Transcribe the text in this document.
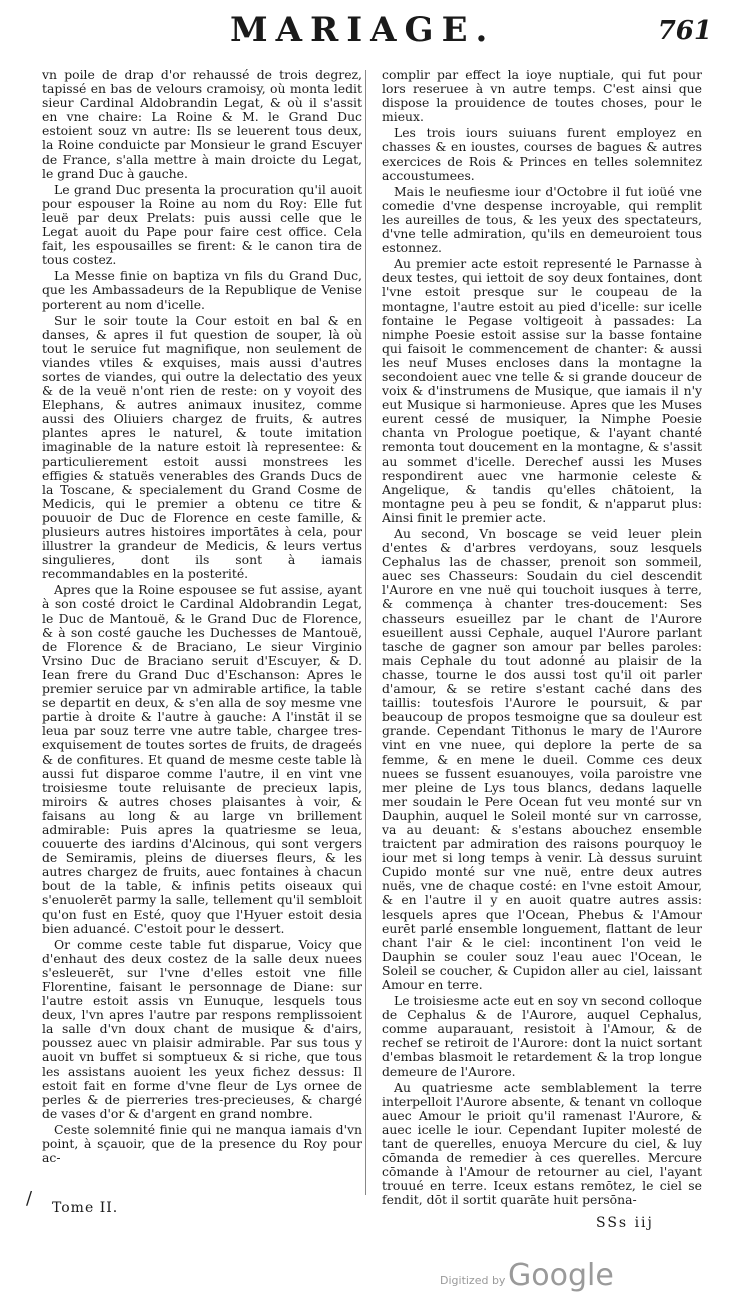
MARIAGE.	761

vn poile de drap d'or rehaussé de trois degrez, tapissé en bas de velours cramoisy, où monta ledit sieur Cardinal Aldobrandin Legat, & où il s'assit en vne chaire: La Roine & M. le Grand Duc estoient souz vn autre: Ils se leuerent tous deux, la Roine conduicte par Monsieur le grand Escuyer de France, s'alla mettre à main droicte du Legat, le grand Duc à gauche.

Le grand Duc presenta la procuration qu'il auoit pour espouser la Roine au nom du Roy: Elle fut leuë par deux Prelats: puis aussi celle que le Legat auoit du Pape pour faire cest office. Cela fait, les espousailles se firent: & le canon tira de tous costez.

La Messe finie on baptiza vn fils du Grand Duc, que les Ambassadeurs de la Republique de Venise porterent au nom d'icelle.

Sur le soir toute la Cour estoit en bal & en danses, & apres il fut question de souper, là où tout le seruice fut magnifique, non seulement de viandes vtiles & exquises, mais aussi d'autres sortes de viandes, qui outre la delectatio des yeux & de la veuë n'ont rien de reste: on y voyoit des Elephans, & autres animaux inusitez, comme aussi des Oliuiers chargez de fruits, & autres plantes apres le naturel, & toute imitation imaginable de la nature estoit là representee: & particulierement estoit aussi monstrees les effigies & statuës venerables des Grands Ducs de la Toscane, & specialement du Grand Cosme de Medicis, qui le premier a obtenu ce titre & pouuoir de Duc de Florence en ceste famille, & plusieurs autres histoires importātes à cela, pour illustrer la grandeur de Medicis, & leurs vertus singulieres, dont ils sont à iamais recommandables en la posterité.

Apres que la Roine espousee se fut assise, ayant à son costé droict le Cardinal Aldobrandin Legat, le Duc de Mantouë, & le Grand Duc de Florence, & à son costé gauche les Duchesses de Mantouë, de Florence & de Braciano, Le sieur Virginio Vrsino Duc de Braciano seruit d'Escuyer, & D. Iean frere du Grand Duc d'Eschanson: Apres le premier seruice par vn admirable artifice, la table se departit en deux, & s'en alla de soy mesme vne partie à droite & l'autre à gauche: A l'instāt il se leua par souz terre vne autre table, chargee tres-exquisement de toutes sortes de fruits, de drageés & de confitures. Et quand de mesme ceste table là aussi fut disparoe comme l'autre, il en vint vne troisiesme toute reluisante de precieux lapis, miroirs & autres choses plaisantes à voir, & faisans au long & au large vn brillement admirable: Puis apres la quatriesme se leua, couuerte des iardins d'Alcinous, qui sont vergers de Semiramis, pleins de diuerses fleurs, & les autres chargez de fruits, auec fontaines à chacun bout de la table, & infinis petits oiseaux qui s'enuolerēt parmy la salle, tellement qu'il sembloit qu'on fust en Esté, quoy que l'Hyuer estoit desia bien aduancé. C'estoit pour le dessert.

Or comme ceste table fut disparue, Voicy que d'enhaut des deux costez de la salle deux nuees s'esleuerēt, sur l'vne d'elles estoit vne fille Florentine, faisant le personnage de Diane: sur l'autre estoit assis vn Eunuque, lesquels tous deux, l'vn apres l'autre par respons remplissoient la salle d'vn doux chant de musique & d'airs, poussez auec vn plaisir admirable. Par sus tous y auoit vn buffet si somptueux & si riche, que tous les assistans auoient les yeux fichez dessus: Il estoit fait en forme d'vne fleur de Lys ornee de perles & de pierreries tres-precieuses, & chargé de vases d'or & d'argent en grand nombre.

Ceste solemnité finie qui ne manqua iamais d'vn point, à sçauoir, que de la presence du Roy pour ac-

complir par effect la ioye nuptiale, qui fut pour lors reseruee à vn autre temps. C'est ainsi que dispose la prouidence de toutes choses, pour le mieux.

Les trois iours suiuans furent employez en chasses & en ioustes, courses de bagues & autres exercices de Rois & Princes en telles solemnitez accoustumees.

Mais le neufiesme iour d'Octobre il fut ioüé vne comedie d'vne despense incroyable, qui remplit les aureilles de tous, & les yeux des spectateurs, d'vne telle admiration, qu'ils en demeuroient tous estonnez.

Au premier acte estoit representé le Parnasse à deux testes, qui iettoit de soy deux fontaines, dont l'vne estoit presque sur le coupeau de la montagne, l'autre estoit au pied d'icelle: sur icelle fontaine le Pegase voltigeoit à passades: La nimphe Poesie estoit assise sur la basse fontaine qui faisoit le commencement de chanter: & aussi les neuf Muses encloses dans la montagne la secondoient auec vne telle & si grande douceur de voix & d'instrumens de Musique, que iamais il n'y eut Musique si harmonieuse. Apres que les Muses eurent cessé de musiquer, la Nimphe Poesie chanta vn Prologue poetique, & l'ayant chanté remonta tout doucement en la montagne, & s'assit au sommet d'icelle. Derechef aussi les Muses respondirent auec vne harmonie celeste & Angelique, & tandis qu'elles chātoient, la montagne peu à peu se fondit, & n'apparut plus: Ainsi finit le premier acte.

Au second, Vn boscage se veid leuer plein d'entes & d'arbres verdoyans, souz lesquels Cephalus las de chasser, prenoit son sommeil, auec ses Chasseurs: Soudain du ciel descendit l'Aurore en vne nuë qui touchoit iusques à terre, & commença à chanter tres-doucement: Ses chasseurs esueillez par le chant de l'Aurore esueillent aussi Cephale, auquel l'Aurore parlant tasche de gagner son amour par belles paroles: mais Cephale du tout adonné au plaisir de la chasse, tourne le dos aussi tost qu'il oit parler d'amour, & se retire s'estant caché dans des taillis: toutesfois l'Aurore le poursuit, & par beaucoup de propos tesmoigne que sa douleur est grande. Cependant Tithonus le mary de l'Aurore vint en vne nuee, qui deplore la perte de sa femme, & en mene le dueil. Comme ces deux nuees se fussent esuanouyes, voila paroistre vne mer pleine de Lys tous blancs, dedans laquelle mer soudain le Pere Ocean fut veu monté sur vn Dauphin, auquel le Soleil monté sur vn carrosse, va au deuant: & s'estans abouchez ensemble traictent par admiration des raisons pourquoy le iour met si long temps à venir. Là dessus suruint Cupido monté sur vne nuë, entre deux autres nuës, vne de chaque costé: en l'vne estoit Amour, & en l'autre il y en auoit quatre autres assis: lesquels apres que l'Ocean, Phebus & l'Amour eurēt parlé ensemble longuement, flattant de leur chant l'air & le ciel: incontinent l'on veid le Dauphin se couler souz l'eau auec l'Ocean, le Soleil se coucher, & Cupidon aller au ciel, laissant Amour en terre.

Le troisiesme acte eut en soy vn second colloque de Cephalus & de l'Aurore, auquel Cephalus, comme auparauant, resistoit à l'Amour, & de rechef se retiroit de l'Aurore: dont la nuict sortant d'embas blasmoit le retardement & la trop longue demeure de l'Aurore.

Au quatriesme acte semblablement la terre interpelloit l'Aurore absente, & tenant vn colloque auec Amour le prioit qu'il ramenast l'Aurore, & auec icelle le iour. Cependant Iupiter molesté de tant de querelles, enuoya Mercure du ciel, & luy cōmanda de remedier à ces querelles. Mercure cōmande à l'Amour de retourner au ciel, l'ayant trouué en terre. Iceux estans remōtez, le ciel se fendit, dōt il sortit quarāte huit persōna-

/ Tome II.
SSs iij
Digitized by Google
